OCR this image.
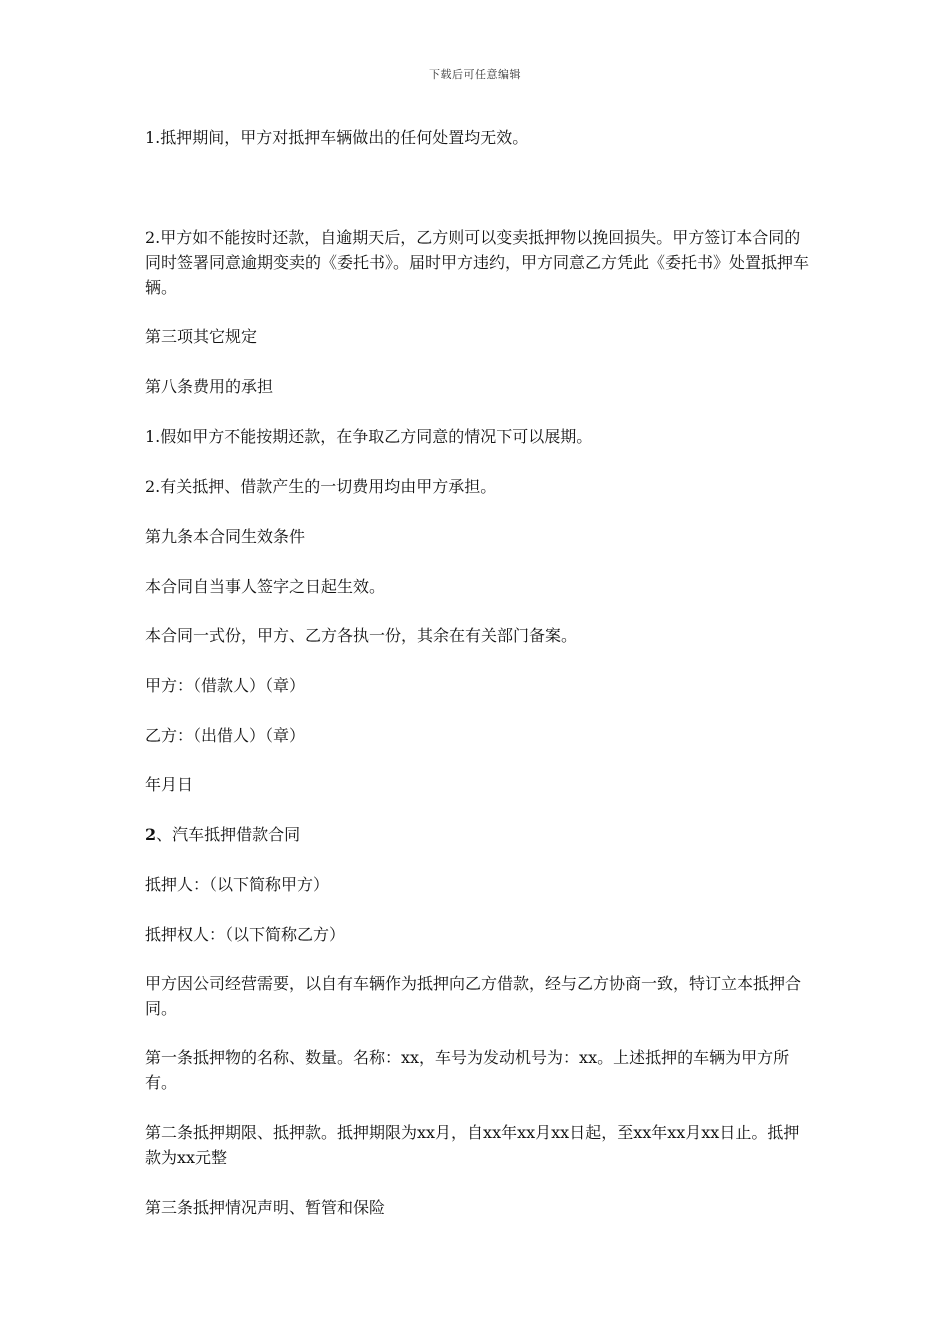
下载后可任意编辑

1.抵押期间，甲方对抵押车辆做出的任何处置均无效。

2.甲方如不能按时还款，自逾期天后，乙方则可以变卖抵押物以挽回损失。甲方签订本合同的同时签署同意逾期变卖的《委托书》。届时甲方违约，甲方同意乙方凭此《委托书》处置抵押车辆。

第三项其它规定

第八条费用的承担

1.假如甲方不能按期还款，在争取乙方同意的情况下可以展期。

2.有关抵押、借款产生的一切费用均由甲方承担。

第九条本合同生效条件

本合同自当事人签字之日起生效。

本合同一式份，甲方、乙方各执一份，其余在有关部门备案。

甲方：（借款人）（章）

乙方：（出借人）（章）

年月日

2、汽车抵押借款合同

抵押人：（以下简称甲方）

抵押权人：（以下简称乙方）

甲方因公司经营需要，以自有车辆作为抵押向乙方借款，经与乙方协商一致，特订立本抵押合同。

第一条抵押物的名称、数量。名称：xx，车号为发动机号为：xx。上述抵押的车辆为甲方所有。

第二条抵押期限、抵押款。抵押期限为xx月，自xx年xx月xx日起，至xx年xx月xx日止。抵押款为xx元整

第三条抵押情况声明、暂管和保险
